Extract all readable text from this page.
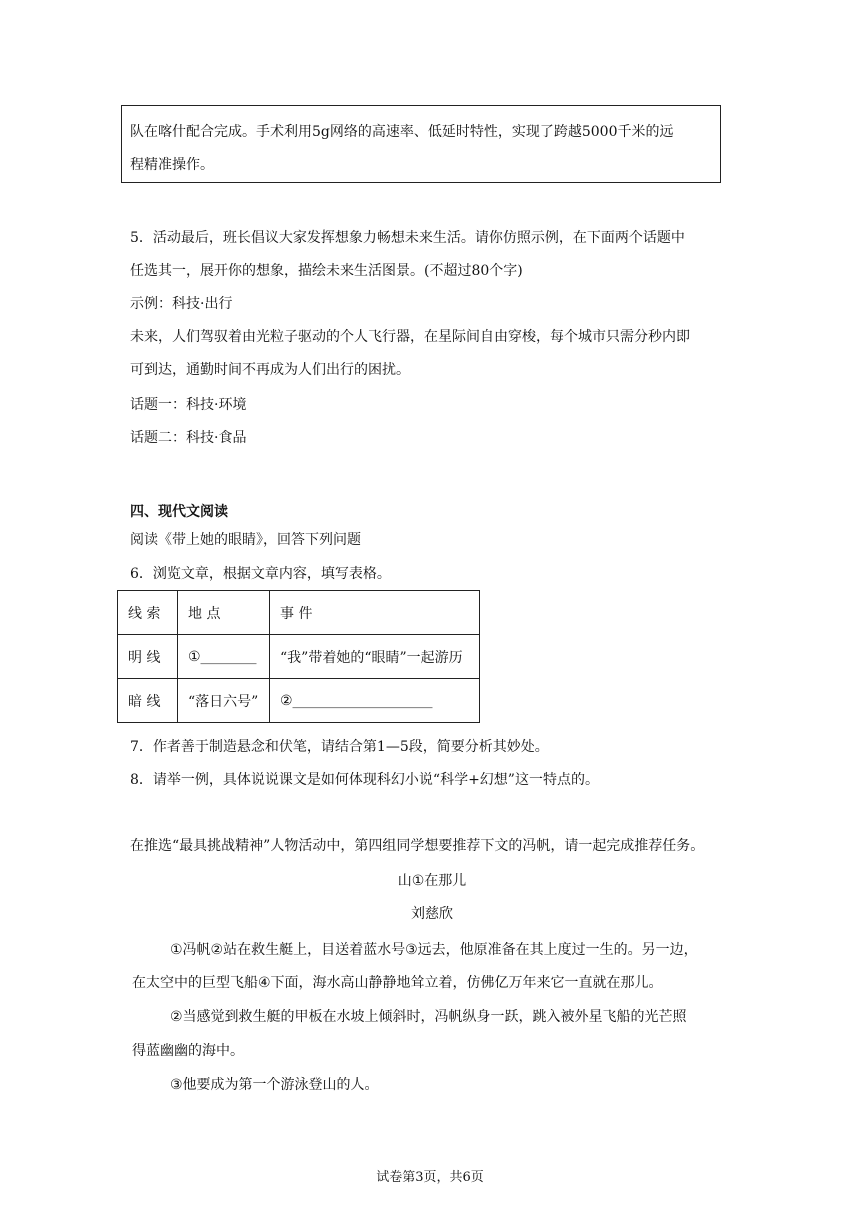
队在喀什配合完成。手术利用5g网络的高速率、低延时特性，实现了跨越5000千米的远
程精准操作。
5．活动最后，班长倡议大家发挥想象力畅想未来生活。请你仿照示例，在下面两个话题中
任选其一，展开你的想象，描绘未来生活图景。(不超过80个字)
示例：科技·出行
未来，人们驾驭着由光粒子驱动的个人飞行器，在星际间自由穿梭，每个城市只需分秒内即
可到达，通勤时间不再成为人们出行的困扰。
话题一：科技·环境
话题二：科技·食品
四、现代文阅读
阅读《带上她的眼睛》，回答下列问题
6．浏览文章，根据文章内容，填写表格。
线 索	地 点	事 件
明 线	①________	“我”带着她的“眼睛”一起游历
暗 线	“落日六号”	②____________________
7．作者善于制造悬念和伏笔，请结合第1—5段，简要分析其妙处。
8．请举一例，具体说说课文是如何体现科幻小说“科学+幻想”这一特点的。
在推选“最具挑战精神”人物活动中，第四组同学想要推荐下文的冯帆，请一起完成推荐任务。
山①在那儿
刘慈欣
①冯帆②站在救生艇上，目送着蓝水号③远去，他原准备在其上度过一生的。另一边，
在太空中的巨型飞船④下面，海水高山静静地耸立着，仿佛亿万年来它一直就在那儿。
②当感觉到救生艇的甲板在水坡上倾斜时，冯帆纵身一跃，跳入被外星飞船的光芒照
得蓝幽幽的海中。
③他要成为第一个游泳登山的人。
试卷第3页，共6页
